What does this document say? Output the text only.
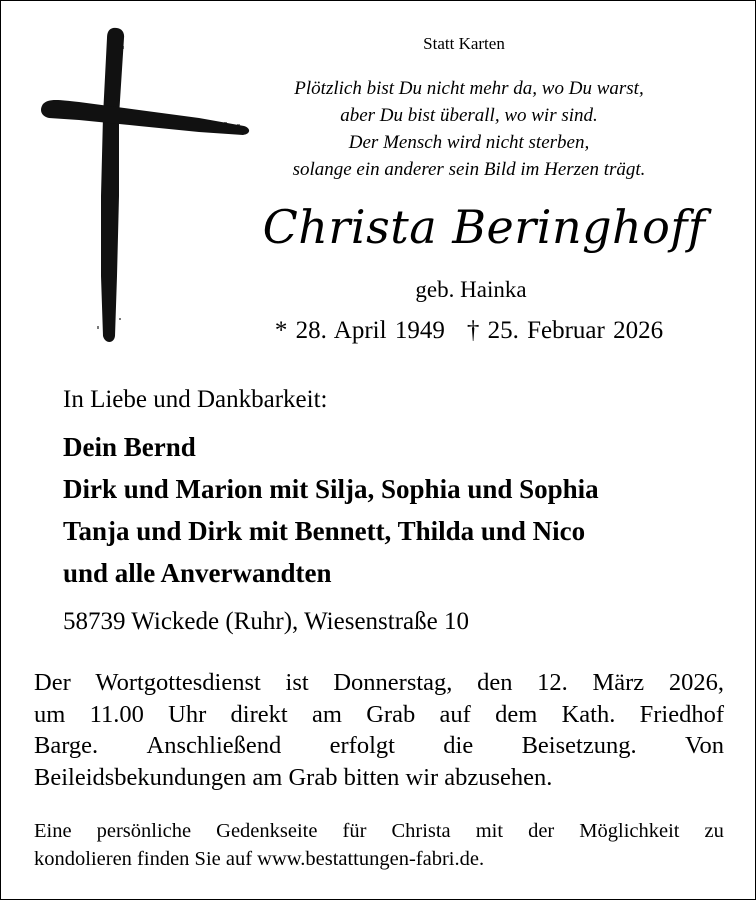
Statt Karten
Plötzlich bist Du nicht mehr da, wo Du warst,
aber Du bist überall, wo wir sind.
Der Mensch wird nicht sterben,
solange ein anderer sein Bild im Herzen trägt.
Christa Beringhoff
geb. Hainka
* 28. April 1949 † 25. Februar 2026
In Liebe und Dankbarkeit:
Dein Bernd
Dirk und Marion mit Silja, Sophia und Sophia
Tanja und Dirk mit Bennett, Thilda und Nico
und alle Anverwandten
58739 Wickede (Ruhr), Wiesenstraße 10
Der Wortgottesdienst ist Donnerstag, den 12. März 2026,
um 11.00 Uhr direkt am Grab auf dem Kath. Friedhof
Barge. Anschließend erfolgt die Beisetzung. Von
Beileidsbekundungen am Grab bitten wir abzusehen.
Eine persönliche Gedenkseite für Christa mit der Möglichkeit zu
kondolieren finden Sie auf www.bestattungen-fabri.de.
